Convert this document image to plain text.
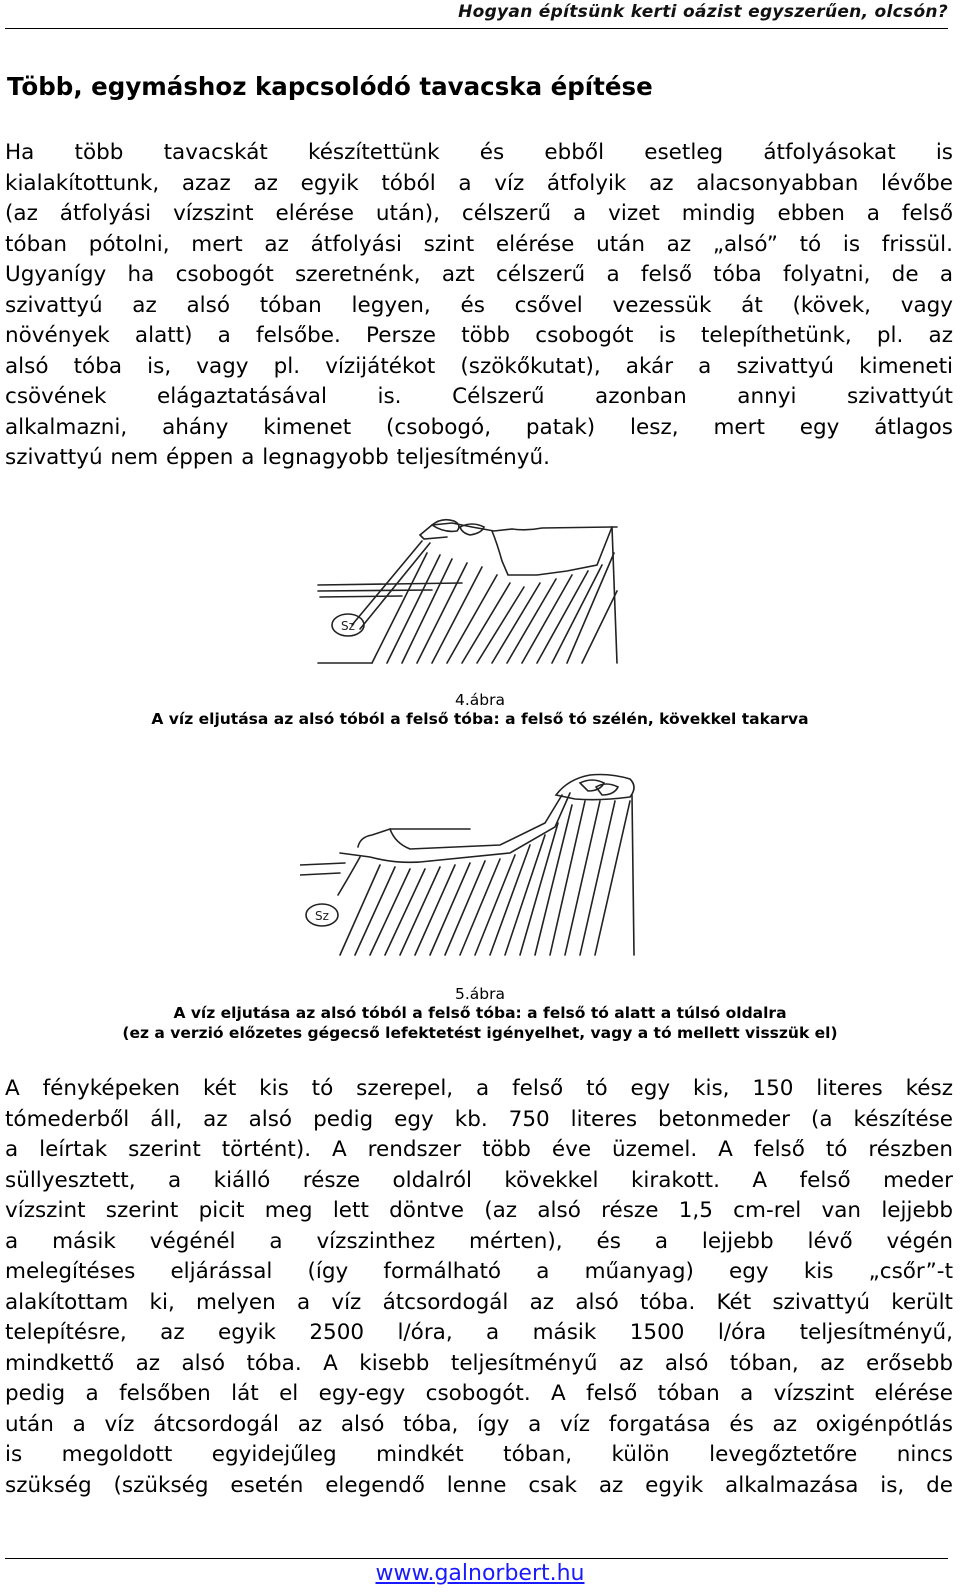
Hogyan építsünk kerti oázist egyszerűen, olcsón?
Több, egymáshoz kapcsolódó tavacska építése
Ha több tavacskát készítettünk és ebből esetleg átfolyásokat is
kialakítottunk, azaz az egyik tóból a víz átfolyik az alacsonyabban lévőbe
(az átfolyási vízszint elérése után), célszerű a vizet mindig ebben a felső
tóban pótolni, mert az átfolyási szint elérése után az „alsó” tó is frissül.
Ugyanígy ha csobogót szeretnénk, azt célszerű a felső tóba folyatni, de a
szivattyú az alsó tóban legyen, és csővel vezessük át (kövek, vagy
növények alatt) a felsőbe. Persze több csobogót is telepíthetünk, pl. az
alsó tóba is, vagy pl. vízijátékot (szökőkutat), akár a szivattyú kimeneti
csövének elágaztatásával is. Célszerű azonban annyi szivattyút
alkalmazni, ahány kimenet (csobogó, patak) lesz, mert egy átlagos
szivattyú nem éppen a legnagyobb teljesítményű.
Sz
4.ábra
A víz eljutása az alsó tóból a felső tóba: a felső tó szélén, kövekkel takarva
Sz
5.ábra
A víz eljutása az alsó tóból a felső tóba: a felső tó alatt a túlsó oldalra
(ez a verzió előzetes gégecső lefektetést igényelhet, vagy a tó mellett visszük el)
A fényképeken két kis tó szerepel, a felső tó egy kis, 150 literes kész
tómederből áll, az alsó pedig egy kb. 750 literes betonmeder (a készítése
a leírtak szerint történt). A rendszer több éve üzemel. A felső tó részben
süllyesztett, a kiálló része oldalról kövekkel kirakott. A felső meder
vízszint szerint picit meg lett döntve (az alsó része 1,5 cm-rel van lejjebb
a másik végénél a vízszinthez mérten), és a lejjebb lévő végén
melegítéses eljárással (így formálható a műanyag) egy kis „csőr”-t
alakítottam ki, melyen a víz átcsordogál az alsó tóba. Két szivattyú került
telepítésre, az egyik 2500 l/óra, a másik 1500 l/óra teljesítményű,
mindkettő az alsó tóba. A kisebb teljesítményű az alsó tóban, az erősebb
pedig a felsőben lát el egy-egy csobogót. A felső tóban a vízszint elérése
után a víz átcsordogál az alsó tóba, így a víz forgatása és az oxigénpótlás
is megoldott egyidejűleg mindkét tóban, külön levegőztetőre nincs
szükség (szükség esetén elegendő lenne csak az egyik alkalmazása is, de
www.galnorbert.hu
